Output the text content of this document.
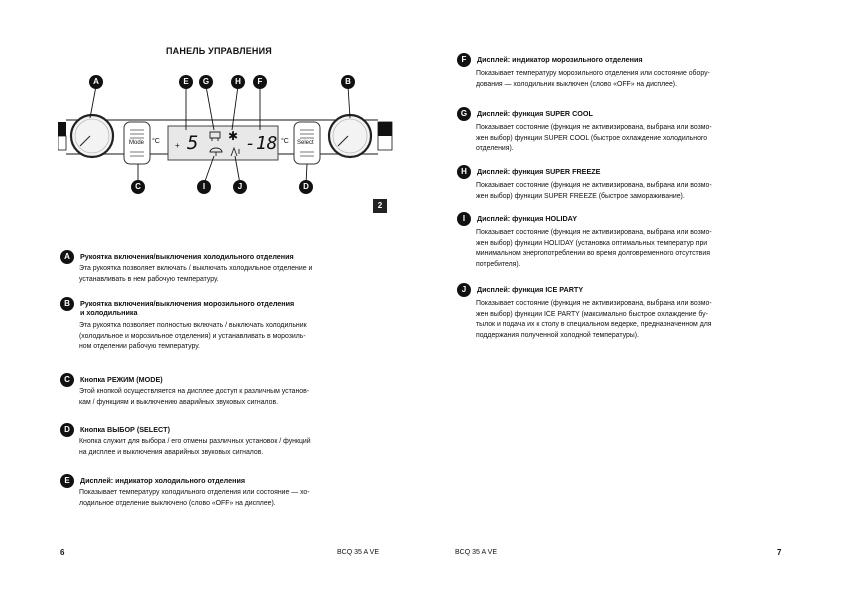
ПАНЕЛЬ УПРАВЛЕНИЯ
Mode	Select
°C	°C
+ 5 ✱ -18
A	E	G	H	F	B
C	I	J	D
2
A	Рукоятка включения/выключения холодильного отделения
Эта рукоятка позволяет включать / выключать холодильное отделение и
устанавливать в нем рабочую температуру.
B	Рукоятка включения/выключения морозильного отделения
и холодильника
Эта рукоятка позволяет полностью включать / выключать холодильник
(холодильное и морозильное отделения) и устанавливать в морозиль-
ном отделении рабочую температуру.
C	Кнопка РЕЖИМ (MODE)
Этой кнопкой осуществляется на дисплее доступ к различным установ-
кам / функциям и выключению аварийных звуковых сигналов.
D	Кнопка ВЫБОР (SELECT)
Кнопка служит для выбора / его отмены различных установок / функций
на дисплее и выключения аварийных звуковых сигналов.
E	Дисплей: индикатор холодильного отделения
Показывает температуру холодильного отделения или состояние — хо-
лодильное отделение выключено (слово «OFF» на дисплее).
6	BCQ 35 A VE
F	Дисплей: индикатор морозильного отделения
Показывает температуру морозильного отделения или состояние обору-
дования — холодильник выключен (слово «OFF» на дисплее).
G	Дисплей: функция SUPER COOL
Показывает состояние (функция не активизирована, выбрана или возмо-
жен выбор) функции SUPER COOL (быстрое охлаждение холодильного
отделения).
H	Дисплей: функция SUPER FREEZE
Показывает состояние (функция не активизирована, выбрана или возмо-
жен выбор) функции SUPER FREEZE (быстрое замораживание).
I	Дисплей: функция HOLIDAY
Показывает состояние (функция не активизирована, выбрана или возмо-
жен выбор) функции HOLIDAY (установка оптимальных температур при
минимальном энергопотреблении во время долговременного отсутствия
потребителя).
J	Дисплей: функция ICE PARTY
Показывает состояние (функция не активизирована, выбрана или возмо-
жен выбор) функции ICE PARTY (максимально быстрое охлаждение бу-
тылок и подача их к столу в специальном ведерке, предназначенном для
поддержания полученной холодной температуры).
BCQ 35 A VE	7
